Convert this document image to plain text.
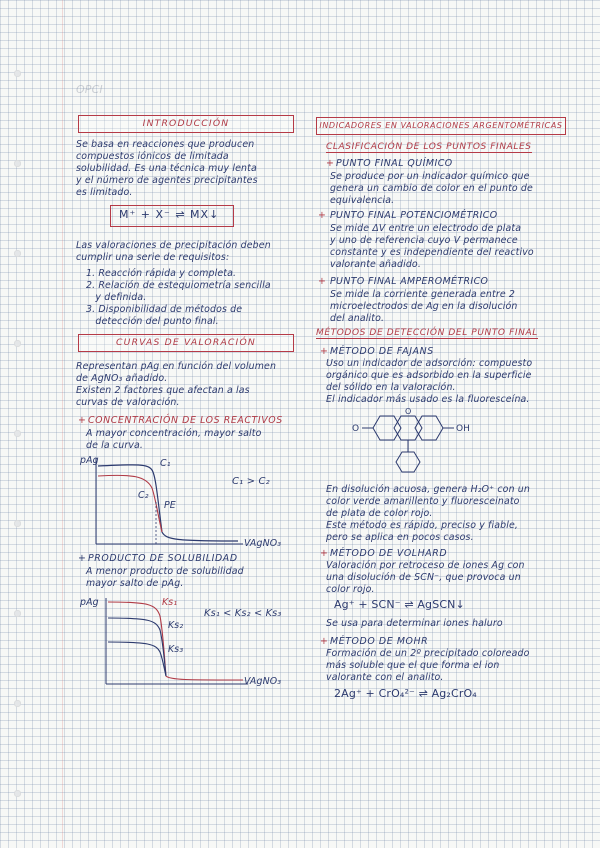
OPCI
INTRODUCCIÓN
Se basa en reacciones que producen
compuestos iónicos de limitada
solubilidad. Es una técnica muy lenta
y el número de agentes precipitantes
es limitado.
M⁺ + X⁻ ⇌ MX↓
Las valoraciones de precipitación deben
cumplir una serie de requisitos:
1. Reacción rápida y completa.
2. Relación de estequiometría sencilla
y definida.
3. Disponibilidad de métodos de
detección del punto final.
CURVAS DE VALORACIÓN
Representan pAg en función del volumen
de AgNO₃ añadido.
Existen 2 factores que afectan a las
curvas de valoración.
+ CONCENTRACIÓN DE LOS REACTIVOS
A mayor concentración, mayor salto
de la curva.
pAg
VAgNO₃
C₁
C₂
PE
C₁ > C₂
+ PRODUCTO DE SOLUBILIDAD
A menor producto de solubilidad
mayor salto de pAg.
pAg
VAgNO₃
Ks₁
Ks₂
Ks₃
Ks₁ < Ks₂ < Ks₃
INDICADORES EN VALORACIONES ARGENTOMÉTRICAS
CLASIFICACIÓN DE LOS PUNTOS FINALES
+ PUNTO FINAL QUÍMICO
Se produce por un indicador químico que
genera un cambio de color en el punto de
equivalencia.
+ PUNTO FINAL POTENCIOMÉTRICO
Se mide ΔV entre un electrodo de plata
y uno de referencia cuyo V permanece
constante y es independiente del reactivo
valorante añadido.
+ PUNTO FINAL AMPEROMÉTRICO
Se mide la corriente generada entre 2
microelectrodos de Ag en la disolución
del analito.
MÉTODOS DE DETECCIÓN DEL PUNTO FINAL
+ MÉTODO DE FAJANS
Uso un indicador de adsorción: compuesto
orgánico que es adsorbido en la superficie
del sólido en la valoración.
El indicador más usado es la fluoresceína.
O	OH
O
En disolución acuosa, genera H₂O⁺ con un
color verde amarillento y fluoresceinato
de plata de color rojo.
Este método es rápido, preciso y fiable,
pero se aplica en pocos casos.
+ MÉTODO DE VOLHARD
Valoración por retroceso de iones Ag con
una disolución de SCN⁻, que provoca un
color rojo.
Ag⁺ + SCN⁻ ⇌ AgSCN↓
Se usa para determinar iones haluro
+ MÉTODO DE MOHR
Formación de un 2º precipitado coloreado
más soluble que el que forma el ion
valorante con el analito.
2Ag⁺ + CrO₄²⁻ ⇌ Ag₂CrO₄
